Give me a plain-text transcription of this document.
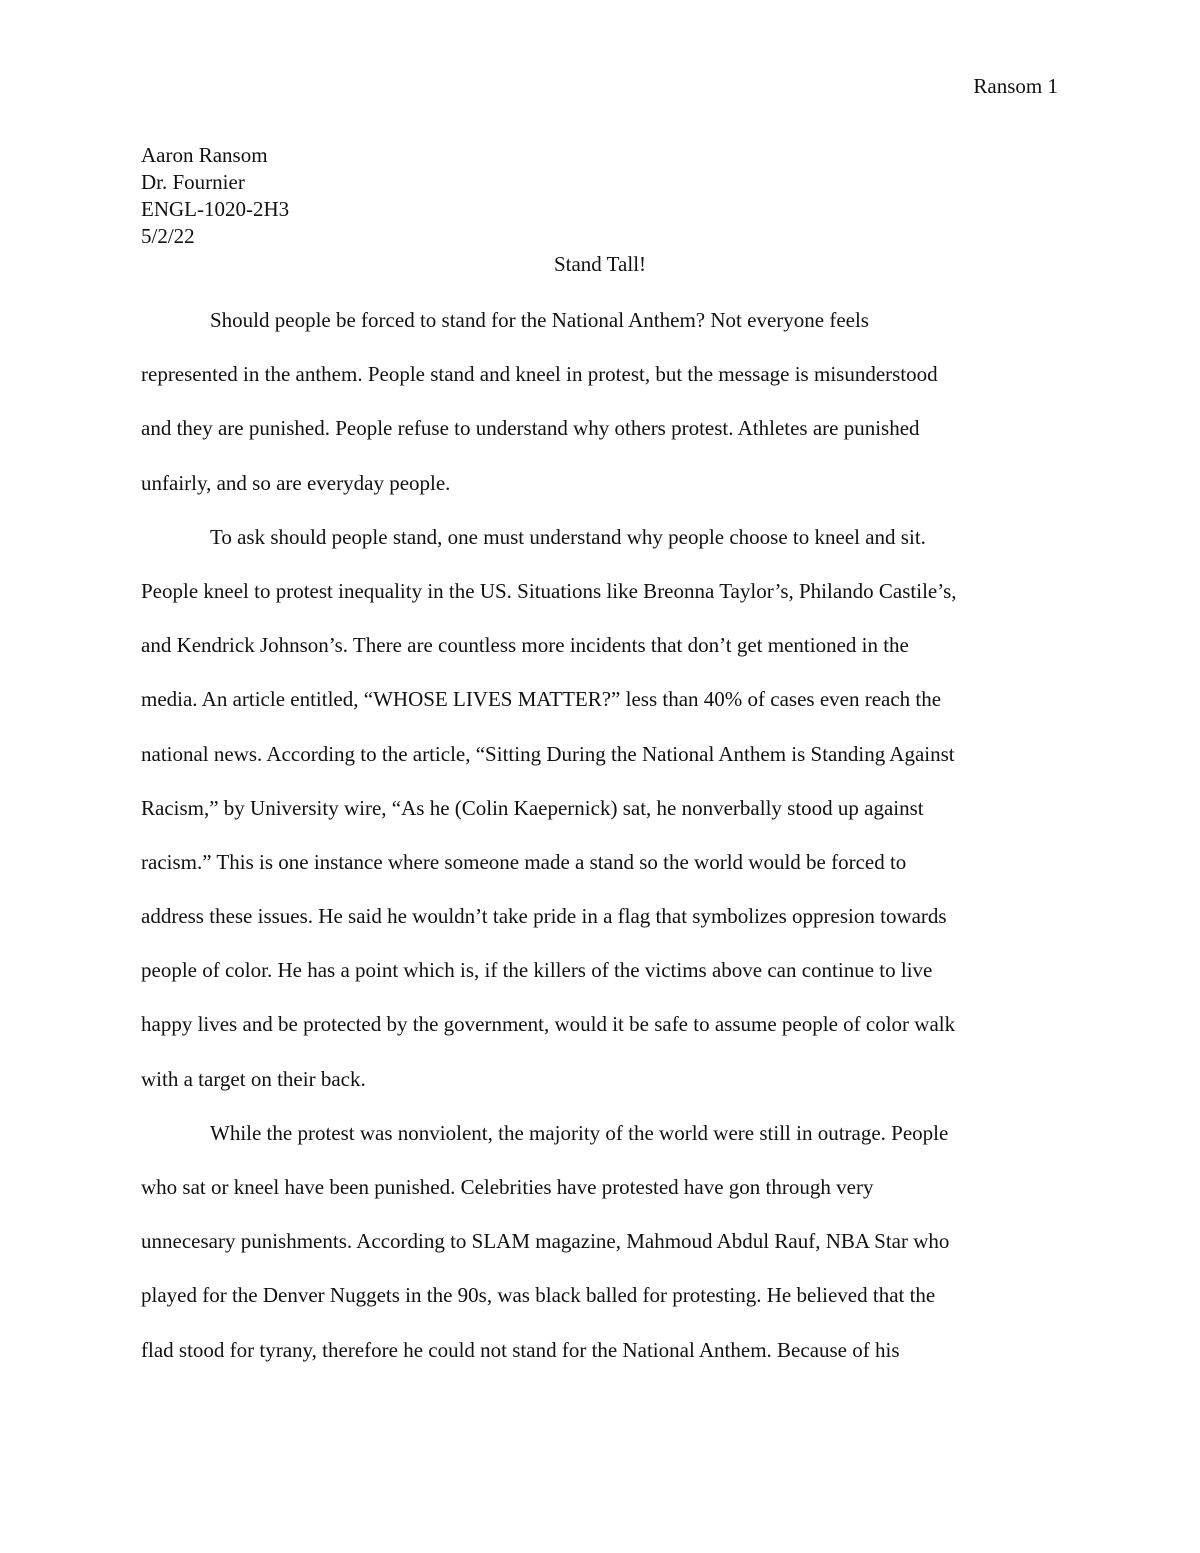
Ransom 1
Aaron Ransom
Dr. Fournier
ENGL-1020-2H3
5/2/22
Stand Tall!
Should people be forced to stand for the National Anthem? Not everyone feels
represented in the anthem. People stand and kneel in protest, but the message is misunderstood
and they are punished. People refuse to understand why others protest. Athletes are punished
unfairly, and so are everyday people.
To ask should people stand, one must understand why people choose to kneel and sit.
People kneel to protest inequality in the US. Situations like Breonna Taylor’s, Philando Castile’s,
and Kendrick Johnson’s. There are countless more incidents that don’t get mentioned in the
media. An article entitled, “WHOSE LIVES MATTER?” less than 40% of cases even reach the
national news. According to the article, “Sitting During the National Anthem is Standing Against
Racism,” by University wire, “As he (Colin Kaepernick) sat, he nonverbally stood up against
racism.” This is one instance where someone made a stand so the world would be forced to
address these issues. He said he wouldn’t take pride in a flag that symbolizes oppresion towards
people of color. He has a point which is, if the killers of the victims above can continue to live
happy lives and be protected by the government, would it be safe to assume people of color walk
with a target on their back.
While the protest was nonviolent, the majority of the world were still in outrage. People
who sat or kneel have been punished. Celebrities have protested have gon through very
unnecesary punishments. According to SLAM magazine, Mahmoud Abdul Rauf, NBA Star who
played for the Denver Nuggets in the 90s, was black balled for protesting. He believed that the
flad stood for tyrany, therefore he could not stand for the National Anthem. Because of his
